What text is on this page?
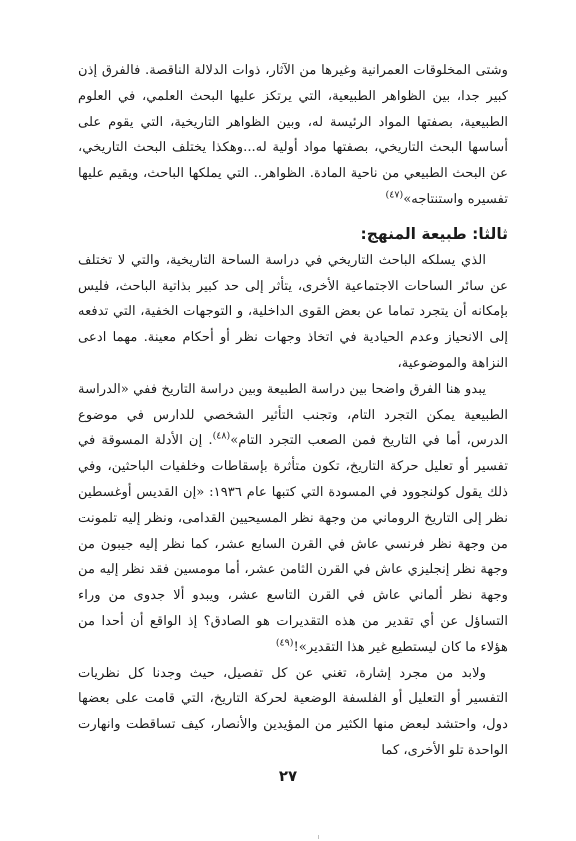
وشتى المخلوقات العمرانية وغيرها من الآثار، ذوات الدلالة الناقصة. فالفرق إذن كبير جدا، بين الظواهر الطبيعية، التي يرتكز عليها البحث العلمي، في العلوم الطبيعية، بصفتها المواد الرئيسة له، وبين الظواهر التاريخية، التي يقوم على أساسها البحث التاريخي، بصفتها مواد أولية له...وهكذا يختلف البحث التاريخي، عن البحث الطبيعي من ناحية المادة. الظواهر.. التي يملكها الباحث، ويقيم عليها تفسيره واستنتاجه»$^{(٤٧)}$

ثالثا: طبيعة المنهج:

الذي يسلكه الباحث التاريخي في دراسة الساحة التاريخية، والتي لا تختلف عن سائر الساحات الاجتماعية الأخرى، يتأثر إلى حد كبير بذاتية الباحث، فليس بإمكانه أن يتجرد تماما عن بعض القوى الداخلية، و التوجهات الخفية، التي تدفعه إلى الانحياز وعدم الحيادية في اتخاذ وجهات نظر أو أحكام معينة. مهما ادعى النزاهة والموضوعية،

يبدو هنا الفرق واضحا بين دراسة الطبيعة وبين دراسة التاريخ ففي «الدراسة الطبيعية يمكن التجرد التام، وتجنب التأثير الشخصي للدارس في موضوع الدرس، أما في التاريخ فمن الصعب التجرد التام»$^{(٤٨)}$. إن الأدلة المسوقة في تفسير أو تعليل حركة التاريخ، تكون متأثرة بإسقاطات وخلفيات الباحثين، وفي ذلك يقول كولنجوود في المسودة التي كتبها عام ١٩٣٦: «إن القديس أوغسطين نظر إلى التاريخ الروماني من وجهة نظر المسيحيين القدامى، ونظر إليه تلمونت من وجهة نظر فرنسي عاش في القرن السابع عشر، كما نظر إليه جيبون من وجهة نظر إنجليزي عاش في القرن الثامن عشر، أما مومسين فقد نظر إليه من وجهة نظر ألماني عاش في القرن التاسع عشر، ويبدو ألا جدوى من وراء التساؤل عن أي تقدير من هذه التقديرات هو الصادق؟ إذ الواقع أن أحدا من هؤلاء ما كان ليستطيع غير هذا التقدير»!$^{(٤٩)}$

ولابد من مجرد إشارة، تغني عن كل تفصيل، حيث وجدنا كل نظريات التفسير أو التعليل أو الفلسفة الوضعية لحركة التاريخ، التي قامت على بعضها دول، واحتشد لبعض منها الكثير من المؤيدين والأنصار، كيف تساقطت وانهارت الواحدة تلو الأخرى، كما

٢٧
